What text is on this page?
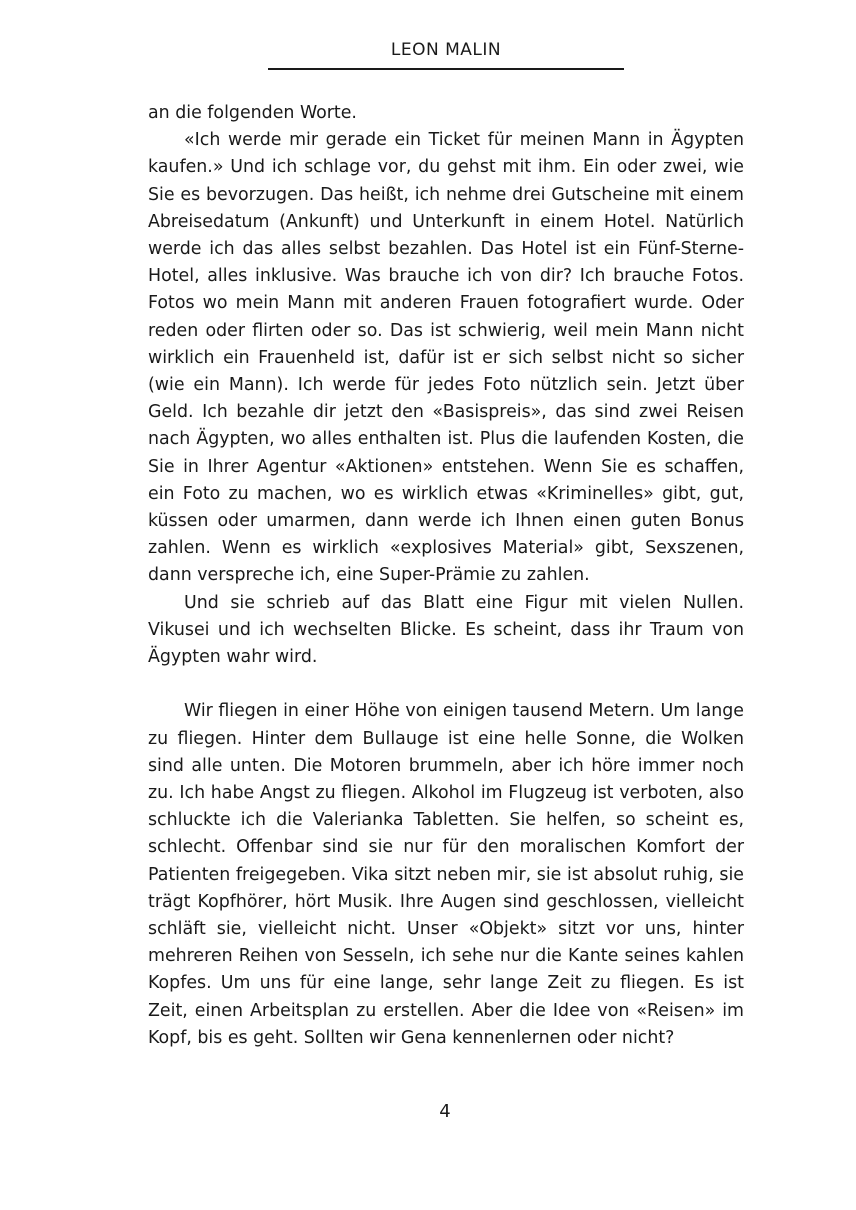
LEON MALIN

an die folgenden Worte.

«Ich werde mir gerade ein Ticket für meinen Mann in Ägypten kaufen.» Und ich schlage vor, du gehst mit ihm. Ein oder zwei, wie Sie es bevorzugen. Das heißt, ich nehme drei Gutscheine mit einem Abreisedatum (Ankunft) und Unterkunft in einem Hotel. Natürlich werde ich das alles selbst bezahlen. Das Hotel ist ein Fünf-Sterne-Hotel, alles inklusive. Was brauche ich von dir? Ich brauche Fotos. Fotos wo mein Mann mit anderen Frauen fotografiert wurde. Oder reden oder flirten oder so. Das ist schwierig, weil mein Mann nicht wirklich ein Frauenheld ist, dafür ist er sich selbst nicht so sicher (wie ein Mann). Ich werde für jedes Foto nützlich sein. Jetzt über Geld. Ich bezahle dir jetzt den «Basispreis», das sind zwei Reisen nach Ägypten, wo alles enthalten ist. Plus die laufenden Kosten, die Sie in Ihrer Agentur «Aktionen» entstehen. Wenn Sie es schaffen, ein Foto zu machen, wo es wirklich etwas «Kriminelles» gibt, gut, küssen oder umarmen, dann werde ich Ihnen einen guten Bonus zahlen. Wenn es wirklich «explosives Material» gibt, Sexszenen, dann verspreche ich, eine Super-Prämie zu zahlen.

Und sie schrieb auf das Blatt eine Figur mit vielen Nullen. Vikusei und ich wechselten Blicke. Es scheint, dass ihr Traum von Ägypten wahr wird.

Wir fliegen in einer Höhe von einigen tausend Metern. Um lange zu fliegen. Hinter dem Bullauge ist eine helle Sonne, die Wolken sind alle unten. Die Motoren brummeln, aber ich höre immer noch zu. Ich habe Angst zu fliegen. Alkohol im Flugzeug ist verboten, also schluckte ich die Valerianka Tabletten. Sie helfen, so scheint es, schlecht. Offenbar sind sie nur für den moralischen Komfort der Patienten freigegeben. Vika sitzt neben mir, sie ist absolut ruhig, sie trägt Kopfhörer, hört Musik. Ihre Augen sind geschlossen, vielleicht schläft sie, vielleicht nicht. Unser «Objekt» sitzt vor uns, hinter mehreren Reihen von Sesseln, ich sehe nur die Kante seines kahlen Kopfes. Um uns für eine lange, sehr lange Zeit zu fliegen. Es ist Zeit, einen Arbeitsplan zu erstellen. Aber die Idee von «Reisen» im Kopf, bis es geht. Sollten wir Gena kennenlernen oder nicht?

4
